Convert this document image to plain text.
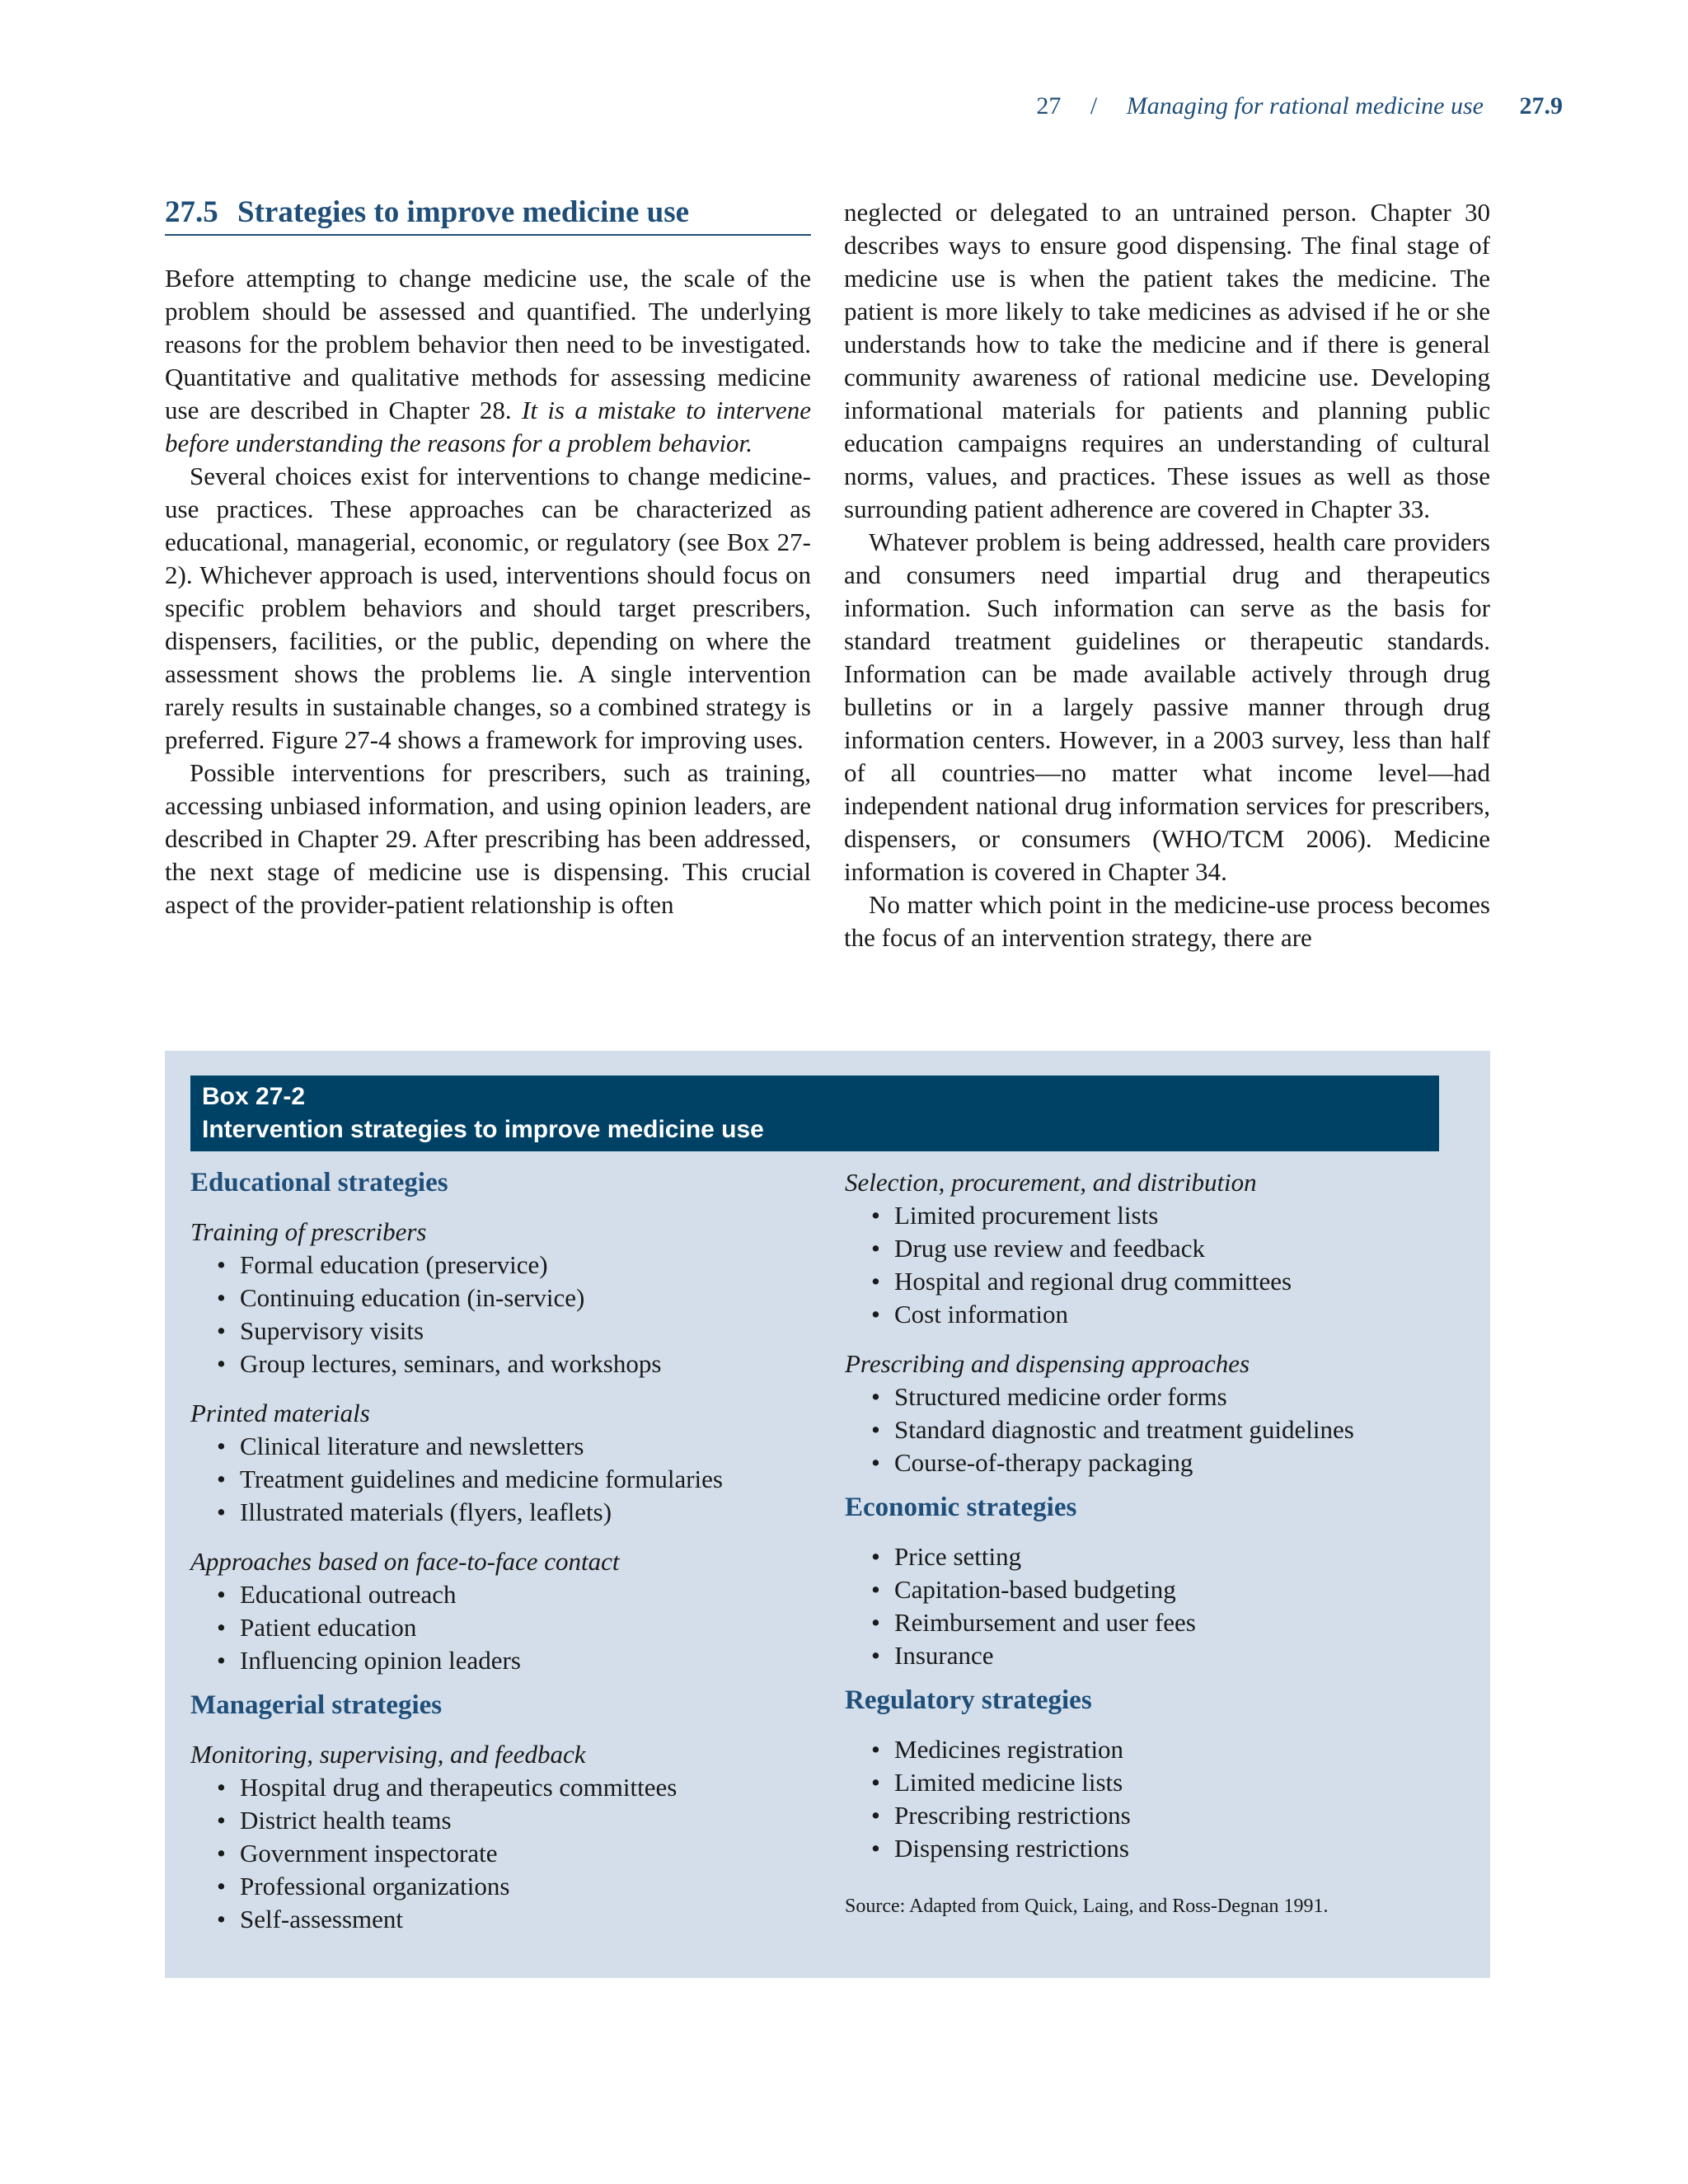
27 / Managing for rational medicine use 27.9
27.5 Strategies to improve medicine use

Before attempting to change medicine use, the scale of the problem should be assessed and quantified. The underlying reasons for the problem behavior then need to be investigated. Quantitative and qualitative methods for assessing medicine use are described in Chapter 28. It is a mistake to intervene before understanding the reasons for a problem behavior.

Several choices exist for interventions to change medicine-use practices. These approaches can be characterized as educational, managerial, economic, or regulatory (see Box 27-2). Whichever approach is used, interventions should focus on specific problem behaviors and should target prescribers, dispensers, facilities, or the public, depending on where the assessment shows the problems lie. A single intervention rarely results in sustainable changes, so a combined strategy is preferred. Figure 27-4 shows a framework for improving uses.

Possible interventions for prescribers, such as training, accessing unbiased information, and using opinion leaders, are described in Chapter 29. After prescribing has been addressed, the next stage of medicine use is dispensing. This crucial aspect of the provider-patient relationship is often

neglected or delegated to an untrained person. Chapter 30 describes ways to ensure good dispensing. The final stage of medicine use is when the patient takes the medicine. The patient is more likely to take medicines as advised if he or she understands how to take the medicine and if there is general community awareness of rational medicine use. Developing informational materials for patients and planning public education campaigns requires an understanding of cultural norms, values, and practices. These issues as well as those surrounding patient adherence are covered in Chapter 33.

Whatever problem is being addressed, health care providers and consumers need impartial drug and therapeutics information. Such information can serve as the basis for standard treatment guidelines or therapeutic standards. Information can be made available actively through drug bulletins or in a largely passive manner through drug information centers. However, in a 2003 survey, less than half of all countries—no matter what income level—had independent national drug information services for prescribers, dispensers, or consumers (WHO/TCM 2006). Medicine information is covered in Chapter 34.

No matter which point in the medicine-use process becomes the focus of an intervention strategy, there are

Box 27-2
Intervention strategies to improve medicine use
Educational strategies
Training of prescribers
• Formal education (preservice)
• Continuing education (in-service)
• Supervisory visits
• Group lectures, seminars, and workshops
Printed materials
• Clinical literature and newsletters
• Treatment guidelines and medicine formularies
• Illustrated materials (flyers, leaflets)
Approaches based on face-to-face contact
• Educational outreach
• Patient education
• Influencing opinion leaders
Managerial strategies
Monitoring, supervising, and feedback
• Hospital drug and therapeutics committees
• District health teams
• Government inspectorate
• Professional organizations
• Self-assessment
Selection, procurement, and distribution
• Limited procurement lists
• Drug use review and feedback
• Hospital and regional drug committees
• Cost information
Prescribing and dispensing approaches
• Structured medicine order forms
• Standard diagnostic and treatment guidelines
• Course-of-therapy packaging
Economic strategies
• Price setting
• Capitation-based budgeting
• Reimbursement and user fees
• Insurance
Regulatory strategies
• Medicines registration
• Limited medicine lists
• Prescribing restrictions
• Dispensing restrictions
Source: Adapted from Quick, Laing, and Ross-Degnan 1991.
